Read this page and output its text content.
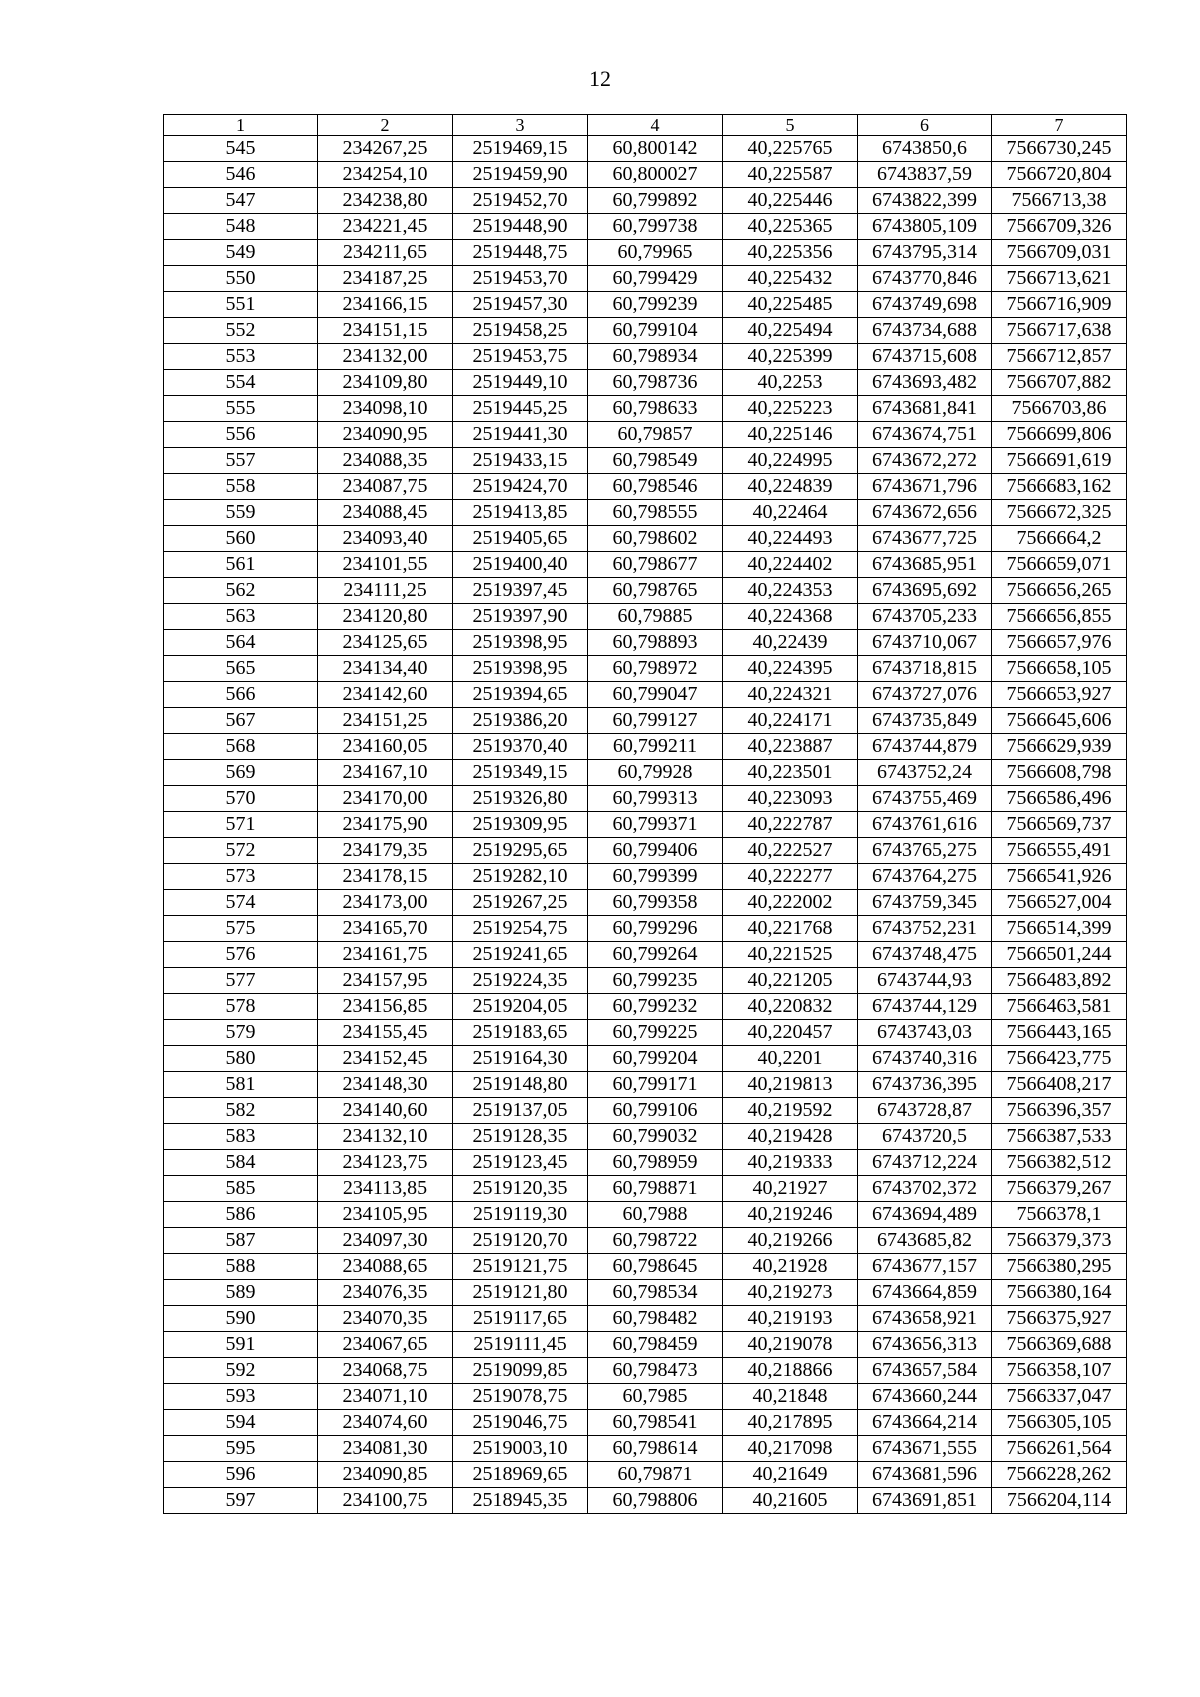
12
1	2	3	4	5	6	7
545	234267,25	2519469,15	60,800142	40,225765	6743850,6	7566730,245
546	234254,10	2519459,90	60,800027	40,225587	6743837,59	7566720,804
547	234238,80	2519452,70	60,799892	40,225446	6743822,399	7566713,38
548	234221,45	2519448,90	60,799738	40,225365	6743805,109	7566709,326
549	234211,65	2519448,75	60,79965	40,225356	6743795,314	7566709,031
550	234187,25	2519453,70	60,799429	40,225432	6743770,846	7566713,621
551	234166,15	2519457,30	60,799239	40,225485	6743749,698	7566716,909
552	234151,15	2519458,25	60,799104	40,225494	6743734,688	7566717,638
553	234132,00	2519453,75	60,798934	40,225399	6743715,608	7566712,857
554	234109,80	2519449,10	60,798736	40,2253	6743693,482	7566707,882
555	234098,10	2519445,25	60,798633	40,225223	6743681,841	7566703,86
556	234090,95	2519441,30	60,79857	40,225146	6743674,751	7566699,806
557	234088,35	2519433,15	60,798549	40,224995	6743672,272	7566691,619
558	234087,75	2519424,70	60,798546	40,224839	6743671,796	7566683,162
559	234088,45	2519413,85	60,798555	40,22464	6743672,656	7566672,325
560	234093,40	2519405,65	60,798602	40,224493	6743677,725	7566664,2
561	234101,55	2519400,40	60,798677	40,224402	6743685,951	7566659,071
562	234111,25	2519397,45	60,798765	40,224353	6743695,692	7566656,265
563	234120,80	2519397,90	60,79885	40,224368	6743705,233	7566656,855
564	234125,65	2519398,95	60,798893	40,22439	6743710,067	7566657,976
565	234134,40	2519398,95	60,798972	40,224395	6743718,815	7566658,105
566	234142,60	2519394,65	60,799047	40,224321	6743727,076	7566653,927
567	234151,25	2519386,20	60,799127	40,224171	6743735,849	7566645,606
568	234160,05	2519370,40	60,799211	40,223887	6743744,879	7566629,939
569	234167,10	2519349,15	60,79928	40,223501	6743752,24	7566608,798
570	234170,00	2519326,80	60,799313	40,223093	6743755,469	7566586,496
571	234175,90	2519309,95	60,799371	40,222787	6743761,616	7566569,737
572	234179,35	2519295,65	60,799406	40,222527	6743765,275	7566555,491
573	234178,15	2519282,10	60,799399	40,222277	6743764,275	7566541,926
574	234173,00	2519267,25	60,799358	40,222002	6743759,345	7566527,004
575	234165,70	2519254,75	60,799296	40,221768	6743752,231	7566514,399
576	234161,75	2519241,65	60,799264	40,221525	6743748,475	7566501,244
577	234157,95	2519224,35	60,799235	40,221205	6743744,93	7566483,892
578	234156,85	2519204,05	60,799232	40,220832	6743744,129	7566463,581
579	234155,45	2519183,65	60,799225	40,220457	6743743,03	7566443,165
580	234152,45	2519164,30	60,799204	40,2201	6743740,316	7566423,775
581	234148,30	2519148,80	60,799171	40,219813	6743736,395	7566408,217
582	234140,60	2519137,05	60,799106	40,219592	6743728,87	7566396,357
583	234132,10	2519128,35	60,799032	40,219428	6743720,5	7566387,533
584	234123,75	2519123,45	60,798959	40,219333	6743712,224	7566382,512
585	234113,85	2519120,35	60,798871	40,21927	6743702,372	7566379,267
586	234105,95	2519119,30	60,7988	40,219246	6743694,489	7566378,1
587	234097,30	2519120,70	60,798722	40,219266	6743685,82	7566379,373
588	234088,65	2519121,75	60,798645	40,21928	6743677,157	7566380,295
589	234076,35	2519121,80	60,798534	40,219273	6743664,859	7566380,164
590	234070,35	2519117,65	60,798482	40,219193	6743658,921	7566375,927
591	234067,65	2519111,45	60,798459	40,219078	6743656,313	7566369,688
592	234068,75	2519099,85	60,798473	40,218866	6743657,584	7566358,107
593	234071,10	2519078,75	60,7985	40,21848	6743660,244	7566337,047
594	234074,60	2519046,75	60,798541	40,217895	6743664,214	7566305,105
595	234081,30	2519003,10	60,798614	40,217098	6743671,555	7566261,564
596	234090,85	2518969,65	60,79871	40,21649	6743681,596	7566228,262
597	234100,75	2518945,35	60,798806	40,21605	6743691,851	7566204,114
